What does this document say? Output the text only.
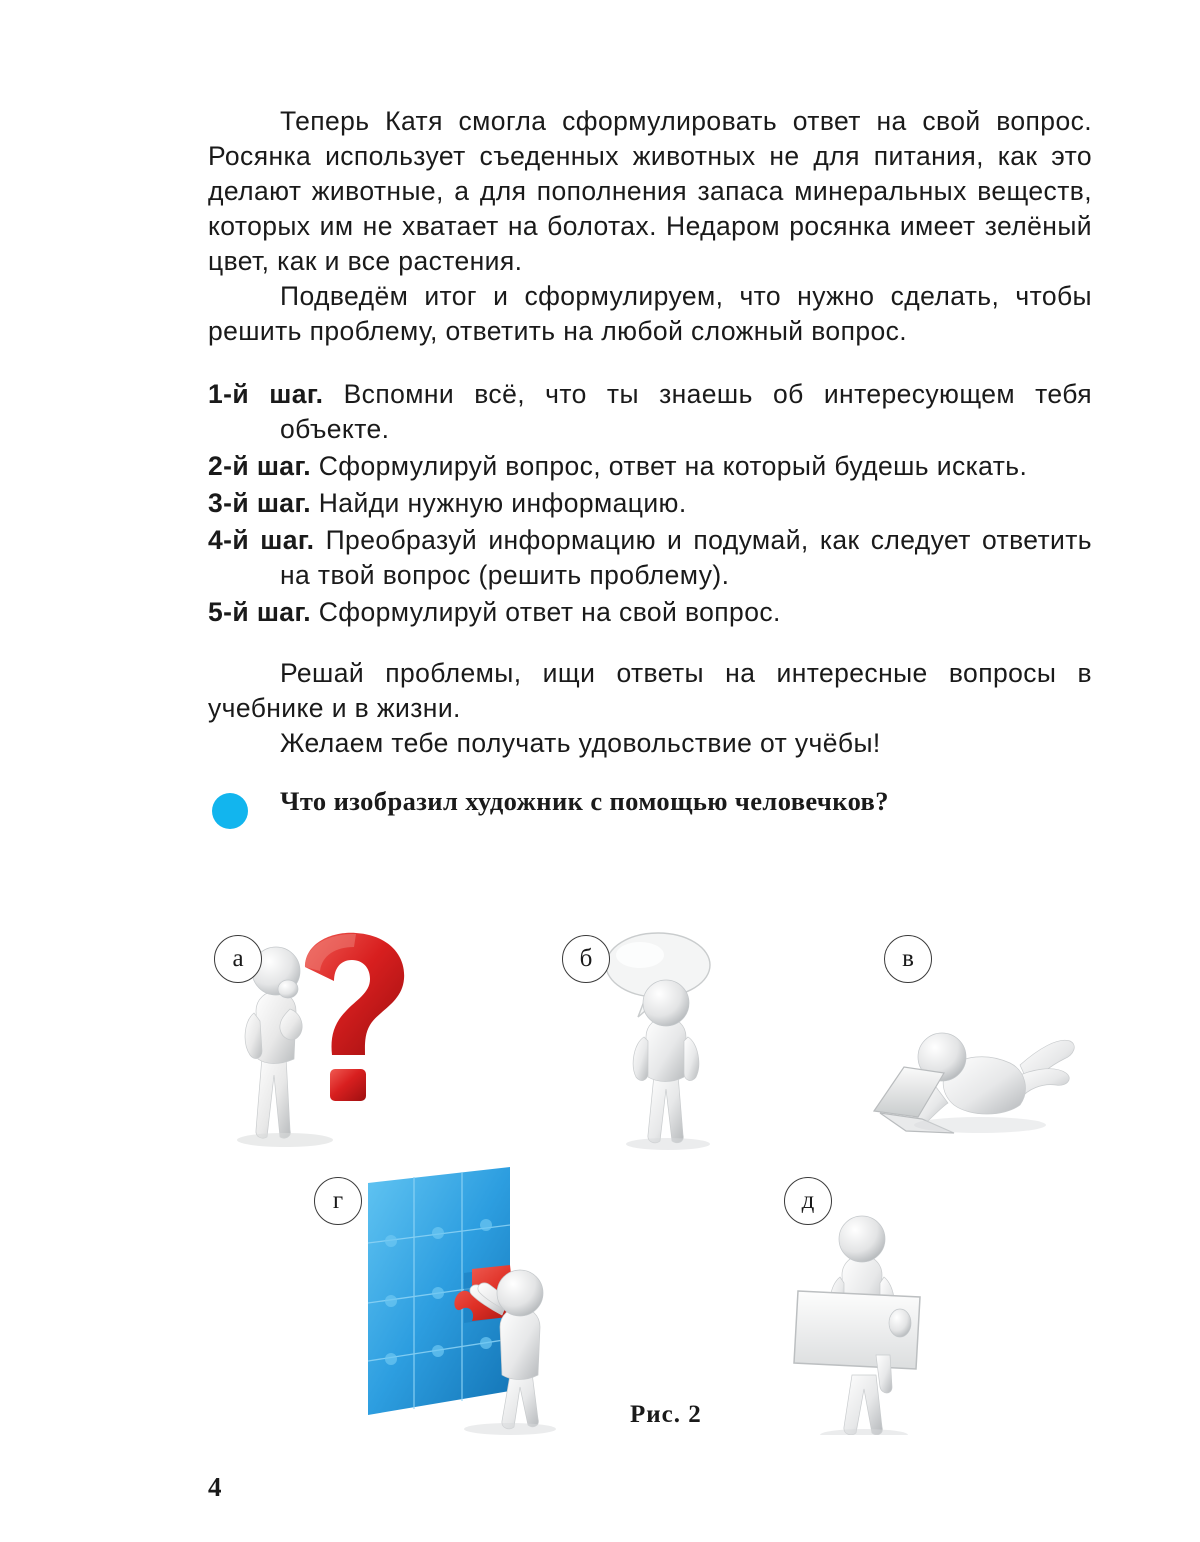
Теперь Катя смогла сформулировать ответ на свой вопрос. Росянка использует съеденных животных не для питания, как это делают животные, а для пополнения запаса минеральных веществ, которых им не хватает на болотах. Недаром росянка имеет зелёный цвет, как и все растения.

Подведём итог и сформулируем, что нужно сделать, чтобы решить проблему, ответить на любой сложный вопрос.

1-й шаг. Вспомни всё, что ты знаешь об интересующем тебя объекте.
2-й шаг. Сформулируй вопрос, ответ на который будешь искать.
3-й шаг. Найди нужную информацию.
4-й шаг. Преобразуй информацию и подумай, как следует ответить на твой вопрос (решить проблему).
5-й шаг. Сформулируй ответ на свой вопрос.

Решай проблемы, ищи ответы на интересные вопросы в учебнике и в жизни.

Желаем тебе получать удовольствие от учёбы!

Что изобразил художник с помощью человечков?
а	б	в
г	д
Рис. 2
4
